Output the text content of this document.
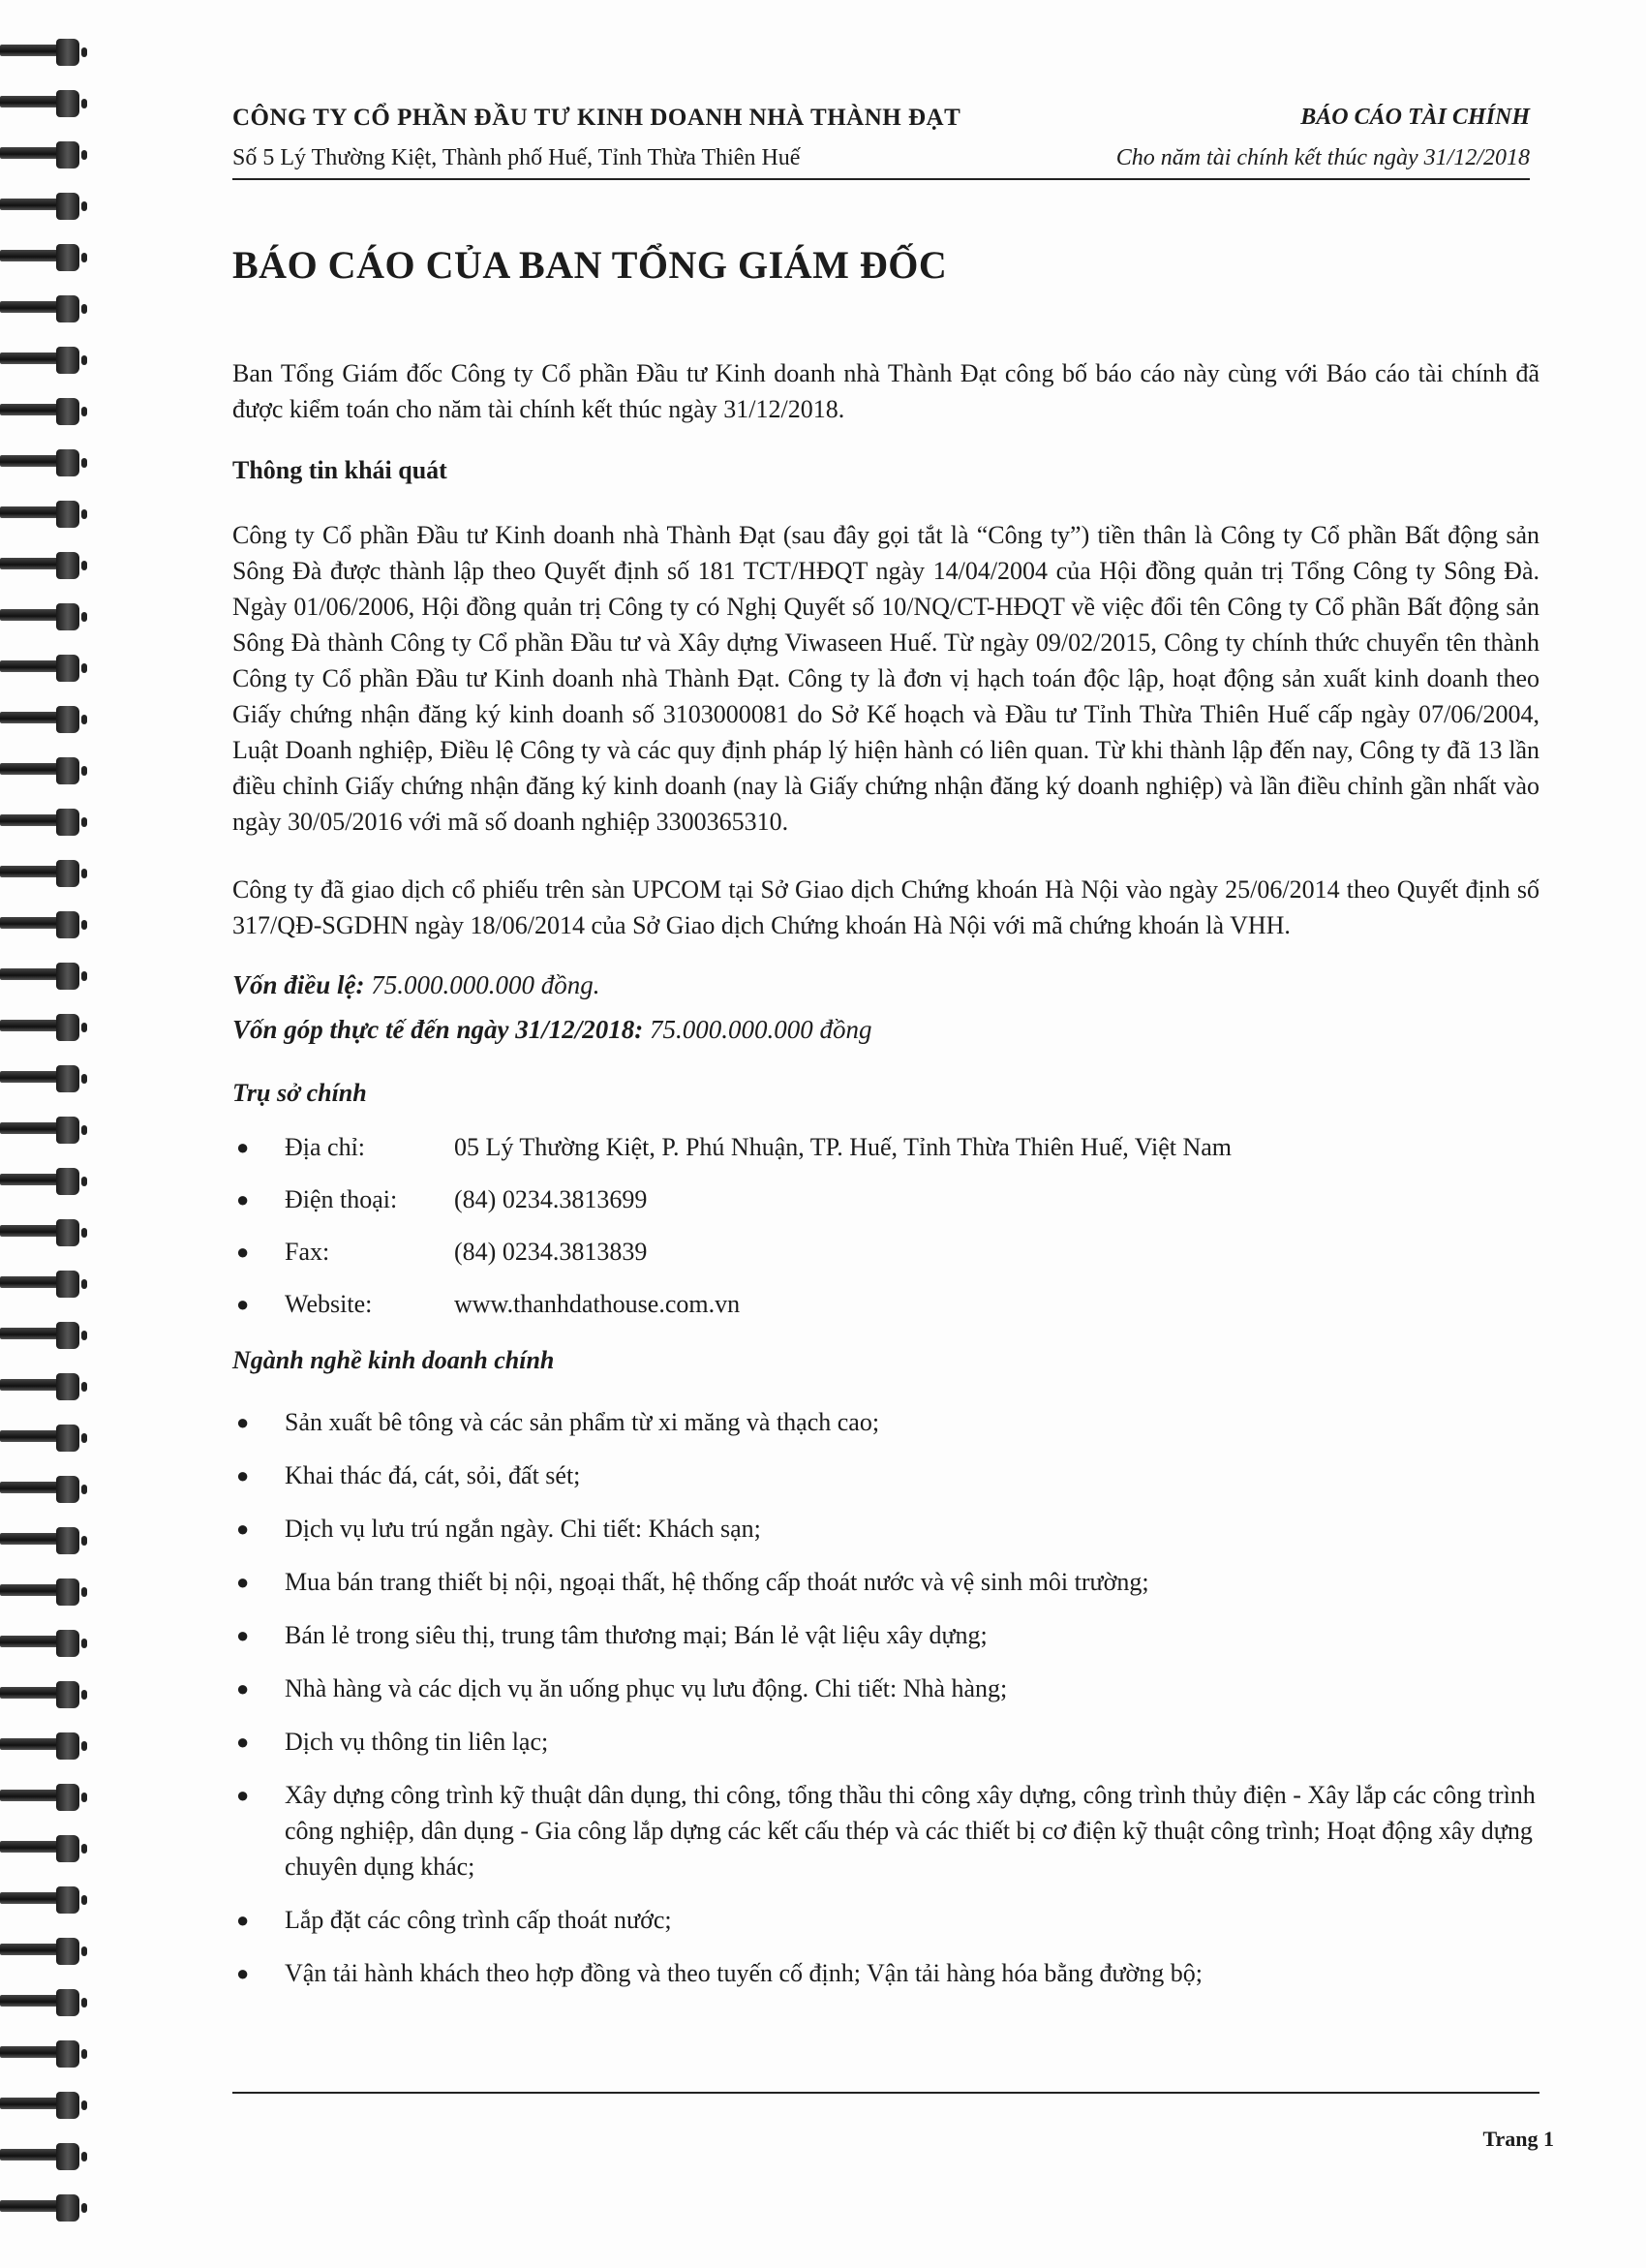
CÔNG TY CỔ PHẦN ĐẦU TƯ KINH DOANH NHÀ THÀNH ĐẠT
Số 5 Lý Thường Kiệt, Thành phố Huế, Tỉnh Thừa Thiên Huế
BÁO CÁO TÀI CHÍNH
Cho năm tài chính kết thúc ngày 31/12/2018
BÁO CÁO CỦA BAN TỔNG GIÁM ĐỐC

Ban Tổng Giám đốc Công ty Cổ phần Đầu tư Kinh doanh nhà Thành Đạt công bố báo cáo này cùng với Báo cáo tài chính đã được kiểm toán cho năm tài chính kết thúc ngày 31/12/2018.

Thông tin khái quát

Công ty Cổ phần Đầu tư Kinh doanh nhà Thành Đạt (sau đây gọi tắt là “Công ty”) tiền thân là Công ty Cổ phần Bất động sản Sông Đà được thành lập theo Quyết định số 181 TCT/HĐQT ngày 14/04/2004 của Hội đồng quản trị Tổng Công ty Sông Đà. Ngày 01/06/2006, Hội đồng quản trị Công ty có Nghị Quyết số 10/NQ/CT-HĐQT về việc đổi tên Công ty Cổ phần Bất động sản Sông Đà thành Công ty Cổ phần Đầu tư và Xây dựng Viwaseen Huế. Từ ngày 09/02/2015, Công ty chính thức chuyển tên thành Công ty Cổ phần Đầu tư Kinh doanh nhà Thành Đạt. Công ty là đơn vị hạch toán độc lập, hoạt động sản xuất kinh doanh theo Giấy chứng nhận đăng ký kinh doanh số 3103000081 do Sở Kế hoạch và Đầu tư Tỉnh Thừa Thiên Huế cấp ngày 07/06/2004, Luật Doanh nghiệp, Điều lệ Công ty và các quy định pháp lý hiện hành có liên quan. Từ khi thành lập đến nay, Công ty đã 13 lần điều chỉnh Giấy chứng nhận đăng ký kinh doanh (nay là Giấy chứng nhận đăng ký doanh nghiệp) và lần điều chỉnh gần nhất vào ngày 30/05/2016 với mã số doanh nghiệp 3300365310.

Công ty đã giao dịch cổ phiếu trên sàn UPCOM tại Sở Giao dịch Chứng khoán Hà Nội vào ngày 25/06/2014 theo Quyết định số 317/QĐ-SGDHN ngày 18/06/2014 của Sở Giao dịch Chứng khoán Hà Nội với mã chứng khoán là VHH.

Vốn điều lệ: 75.000.000.000 đồng.
Vốn góp thực tế đến ngày 31/12/2018: 75.000.000.000 đồng
Trụ sở chính
● Địa chỉ:	05 Lý Thường Kiệt, P. Phú Nhuận, TP. Huế, Tỉnh Thừa Thiên Huế, Việt Nam
● Điện thoại: (84) 0234.3813699
● Fax:	(84) 0234.3813839
● Website:	www.thanhdathouse.com.vn
Ngành nghề kinh doanh chính
● Sản xuất bê tông và các sản phẩm từ xi măng và thạch cao;
● Khai thác đá, cát, sỏi, đất sét;
● Dịch vụ lưu trú ngắn ngày. Chi tiết: Khách sạn;
● Mua bán trang thiết bị nội, ngoại thất, hệ thống cấp thoát nước và vệ sinh môi trường;
● Bán lẻ trong siêu thị, trung tâm thương mại; Bán lẻ vật liệu xây dựng;
● Nhà hàng và các dịch vụ ăn uống phục vụ lưu động. Chi tiết: Nhà hàng;
● Dịch vụ thông tin liên lạc;
● Xây dựng công trình kỹ thuật dân dụng, thi công, tổng thầu thi công xây dựng, công trình thủy điện - Xây lắp các công trình công nghiệp, dân dụng - Gia công lắp dựng các kết cấu thép và các thiết bị cơ điện kỹ thuật công trình; Hoạt động xây dựng chuyên dụng khác;
● Lắp đặt các công trình cấp thoát nước;
● Vận tải hành khách theo hợp đồng và theo tuyến cố định; Vận tải hàng hóa bằng đường bộ;
Trang 1
